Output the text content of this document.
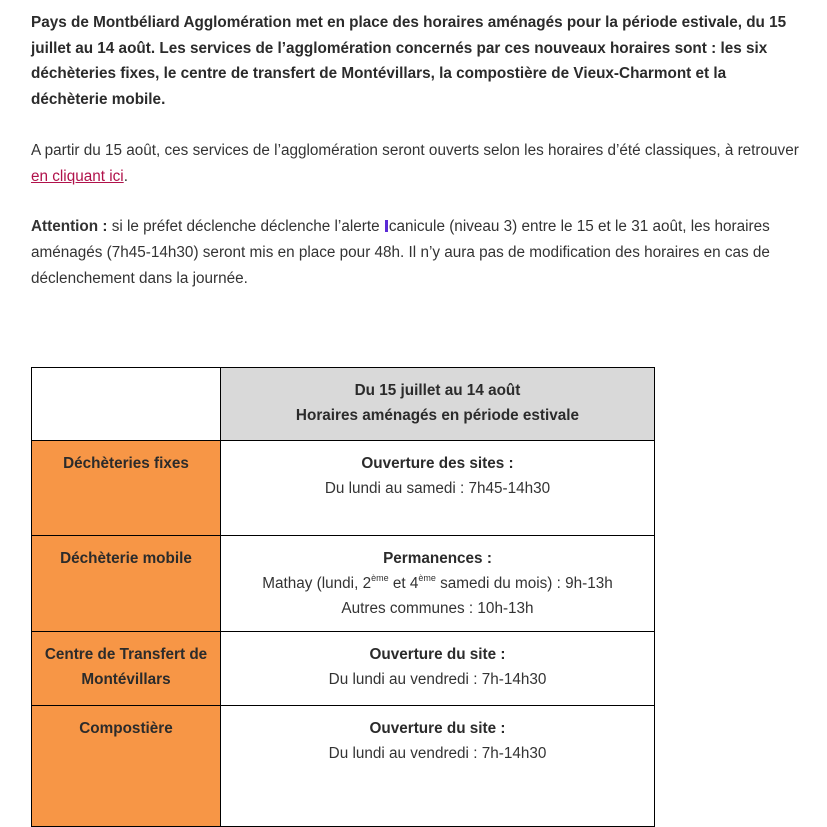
Pays de Montbéliard Agglomération met en place des horaires aménagés pour la période estivale, du 15 juillet au 14 août. Les services de l’agglomération concernés par ces nouveaux horaires sont : les six déchèteries fixes, le centre de transfert de Montévillars, la compostière de Vieux-Charmont et la déchèterie mobile.

A partir du 15 août, ces services de l’agglomération seront ouverts selon les horaires d’été classiques, à retrouver en cliquant ici.

Attention : si le préfet déclenche déclenche l’alerte canicule (niveau 3) entre le 15 et le 31 août, les horaires aménagés (7h45-14h30) seront mis en place pour 48h. Il n’y aura pas de modification des horaires en cas de déclenchement dans la journée.

	Du 15 juillet au 14 août
Horaires aménagés en période estivale

Déchèteries fixes	Ouverture des sites :
Du lundi au samedi : 7h45-14h30
Déchèterie mobile	Permanences :
Mathay (lundi, 2ème et 4ème samedi du mois) : 9h-13h
Autres communes : 10h-13h

Centre de Transfert de Montévillars	Ouverture du site :
Du lundi au vendredi : 7h-14h30
Compostière	Ouverture du site :
Du lundi au vendredi : 7h-14h30
